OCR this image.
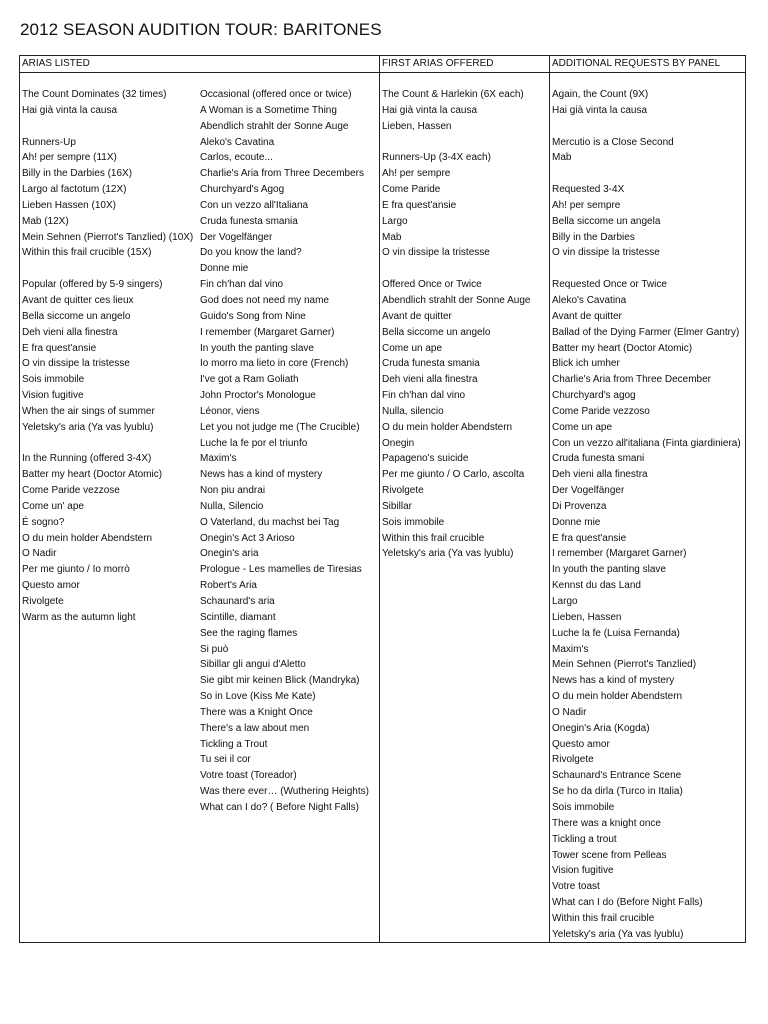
2012 SEASON AUDITION TOUR: BARITONES
ARIAS LISTED	FIRST ARIAS OFFERED	ADDITIONAL REQUESTS BY PANEL
The Count Dominates (32 times)
Hai già vinta la causa
Runners-Up
Ah! per sempre (11X)
Billy in the Darbies (16X)
Largo al factotum (12X)
Lieben Hassen (10X)
Mab (12X)
Mein Sehnen (Pierrot's Tanzlied) (10X)
Within this frail crucible (15X)
Popular (offered by 5-9 singers)
Avant de quitter ces lieux
Bella siccome un angelo
Deh vieni alla finestra
E fra quest'ansie
O vin dissipe la tristesse
Sois immobile
Vision fugitive
When the air sings of summer
Yeletsky's aria (Ya vas lyublu)
In the Running (offered 3-4X)
Batter my heart (Doctor Atomic)
Come Paride vezzose
Come un' ape
É sogno?
O du mein holder Abendstern
O Nadir
Per me giunto / Io morrò
Questo amor
Rivolgete
Warm as the autumn light
Occasional (offered once or twice)
A Woman is a Sometime Thing
Abendlich strahlt der Sonne Auge
Aleko's Cavatina
Carlos, ecoute...
Charlie's Aria from Three Decembers
Churchyard's Agog
Con un vezzo all'Italiana
Cruda funesta smania
Der Vogelfänger
Do you know the land?
Donne mie
Fin ch'han dal vino
God does not need my name
Guido's Song from Nine
I remember (Margaret Garner)
In youth the panting slave
Io morro ma lieto in core (French)
I've got a Ram Goliath
John Proctor's Monologue
Léonor, viens
Let you not judge me (The Crucible)
Luche la fe por el triunfo
Maxim's
News has a kind of mystery
Non piu andrai
Nulla, Silencio
O Vaterland, du machst bei Tag
Onegin's Act 3 Arioso
Onegin's aria
Prologue - Les mamelles de Tiresias
Robert's Aria
Schaunard's aria
Scintille, diamant
See the raging flames
Si può
Sibillar gli angui d'Aletto
Sie gibt mir keinen Blick (Mandryka)
So in Love (Kiss Me Kate)
There was a Knight Once
There's a law about men
Tickling a Trout
Tu sei il cor
Votre toast (Toreador)
Was there ever… (Wuthering Heights)
What can I do? ( Before Night Falls)
The Count & Harlekin (6X each)
Hai già vinta la causa
Lieben, Hassen
Runners-Up (3-4X each)
Ah! per sempre
Come Paride
E fra quest'ansie
Largo
Mab
O vin dissipe la tristesse
Offered Once or Twice
Abendlich strahlt der Sonne Auge
Avant de quitter
Bella siccome un angelo
Come un ape
Cruda funesta smania
Deh vieni alla finestra
Fin ch'han dal vino
Nulla, silencio
O du mein holder Abendstern
Onegin
Papageno's suicide
Per me giunto / O Carlo, ascolta
Rivolgete
Sibillar
Sois immobile
Within this frail crucible
Yeletsky's aria (Ya vas lyublu)
Again, the Count (9X)
Hai già vinta la causa
Mercutio is a Close Second
Mab
Requested 3-4X
Ah! per sempre
Bella siccome un angela
Billy in the Darbies
O vin dissipe la tristesse
Requested Once or Twice
Aleko's Cavatina
Avant de quitter
Ballad of the Dying Farmer (Elmer Gantry)
Batter my heart (Doctor Atomic)
Blick ich umher
Charlie's Aria from Three December
Churchyard's agog
Come Paride vezzoso
Come un ape
Con un vezzo all'italiana (Finta giardiniera)
Cruda funesta smani
Deh vieni alla finestra
Der Vogelfänger
Di Provenza
Donne mie
E fra quest'ansie
I remember (Margaret Garner)
In youth the panting slave
Kennst du das Land
Largo
Lieben, Hassen
Luche la fe (Luisa Fernanda)
Maxim's
Mein Sehnen (Pierrot's Tanzlied)
News has a kind of mystery
O du mein holder Abendstern
O Nadir
Onegin's Aria (Kogda)
Questo amor
Rivolgete
Schaunard's Entrance Scene
Se ho da dirla (Turco in Italia)
Sois immobile
There was a knight once
Tickling a trout
Tower scene from Pelleas
Vision fugitive
Votre toast
What can I do (Before Night Falls)
Within this frail crucible
Yeletsky's aria (Ya vas lyublu)
